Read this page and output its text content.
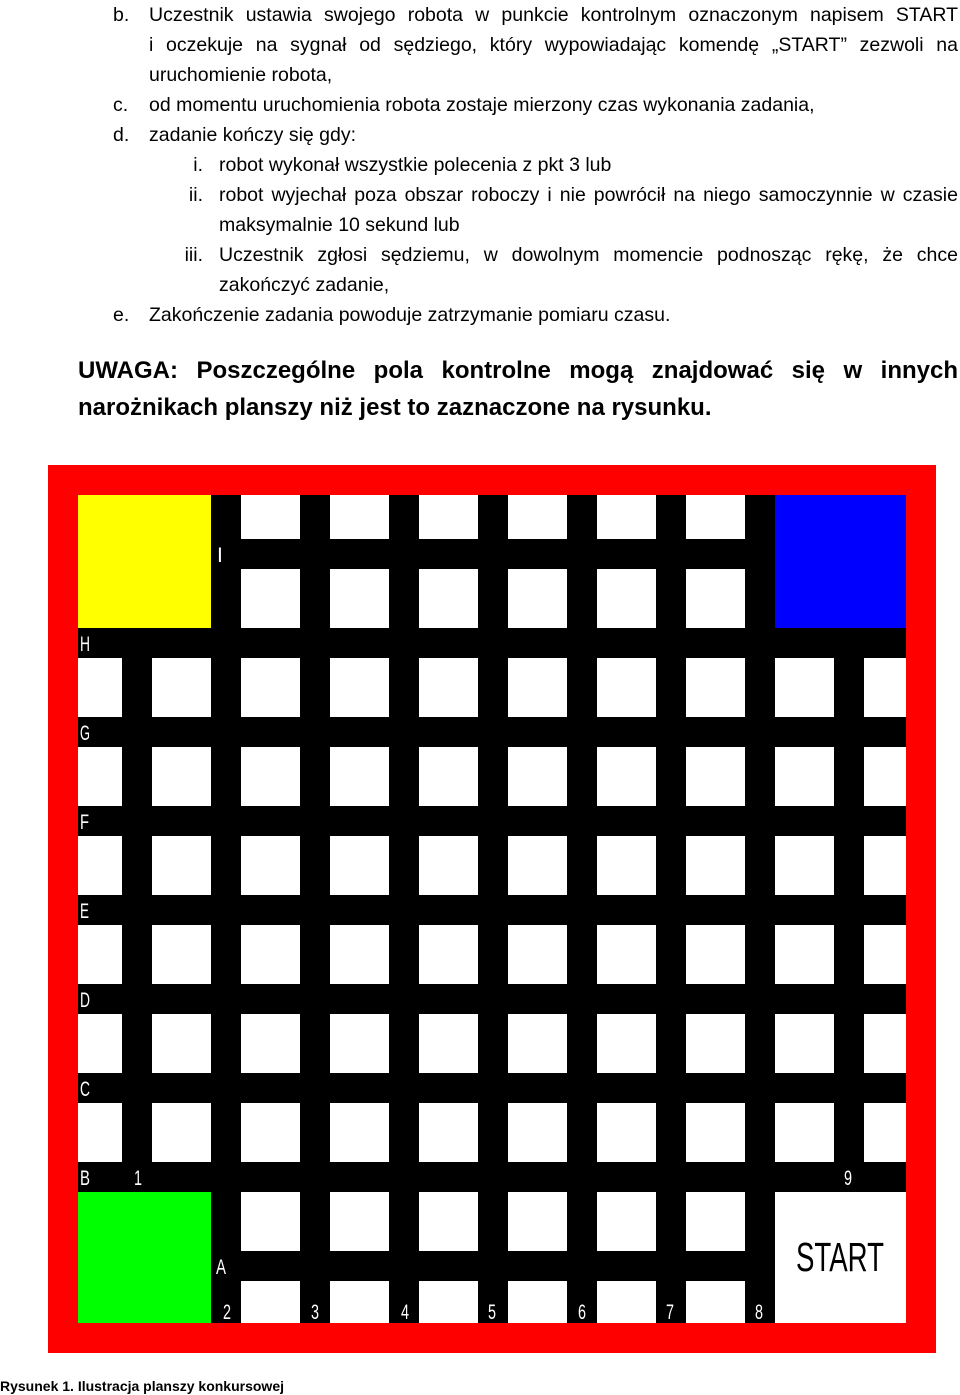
b. Uczestnik ustawia swojego robota w punkcie kontrolnym oznaczonym napisem START
i oczekuje na sygnał od sędziego, który wypowiadając komendę „START” zezwoli na
uruchomienie robota,
c. od momentu uruchomienia robota zostaje mierzony czas wykonania zadania,
d. zadanie kończy się gdy:
i. robot wykonał wszystkie polecenia z pkt 3 lub
ii. robot wyjechał poza obszar roboczy i nie powrócił na niego samoczynnie w czasie
maksymalnie 10 sekund lub
iii. Uczestnik zgłosi sędziemu, w dowolnym momencie podnosząc rękę, że chce
zakończyć zadanie,
e. Zakończenie zadania powoduje zatrzymanie pomiaru czasu.
UWAGA: Poszczególne pola kontrolne mogą znajdować się w innych
narożnikach planszy niż jest to zaznaczone na rysunku.
I
H
G
F
E
D
C
B
A
1
2	3	4	5	6	7	8
9
START
Rysunek 1. Ilustracja planszy konkursowej
